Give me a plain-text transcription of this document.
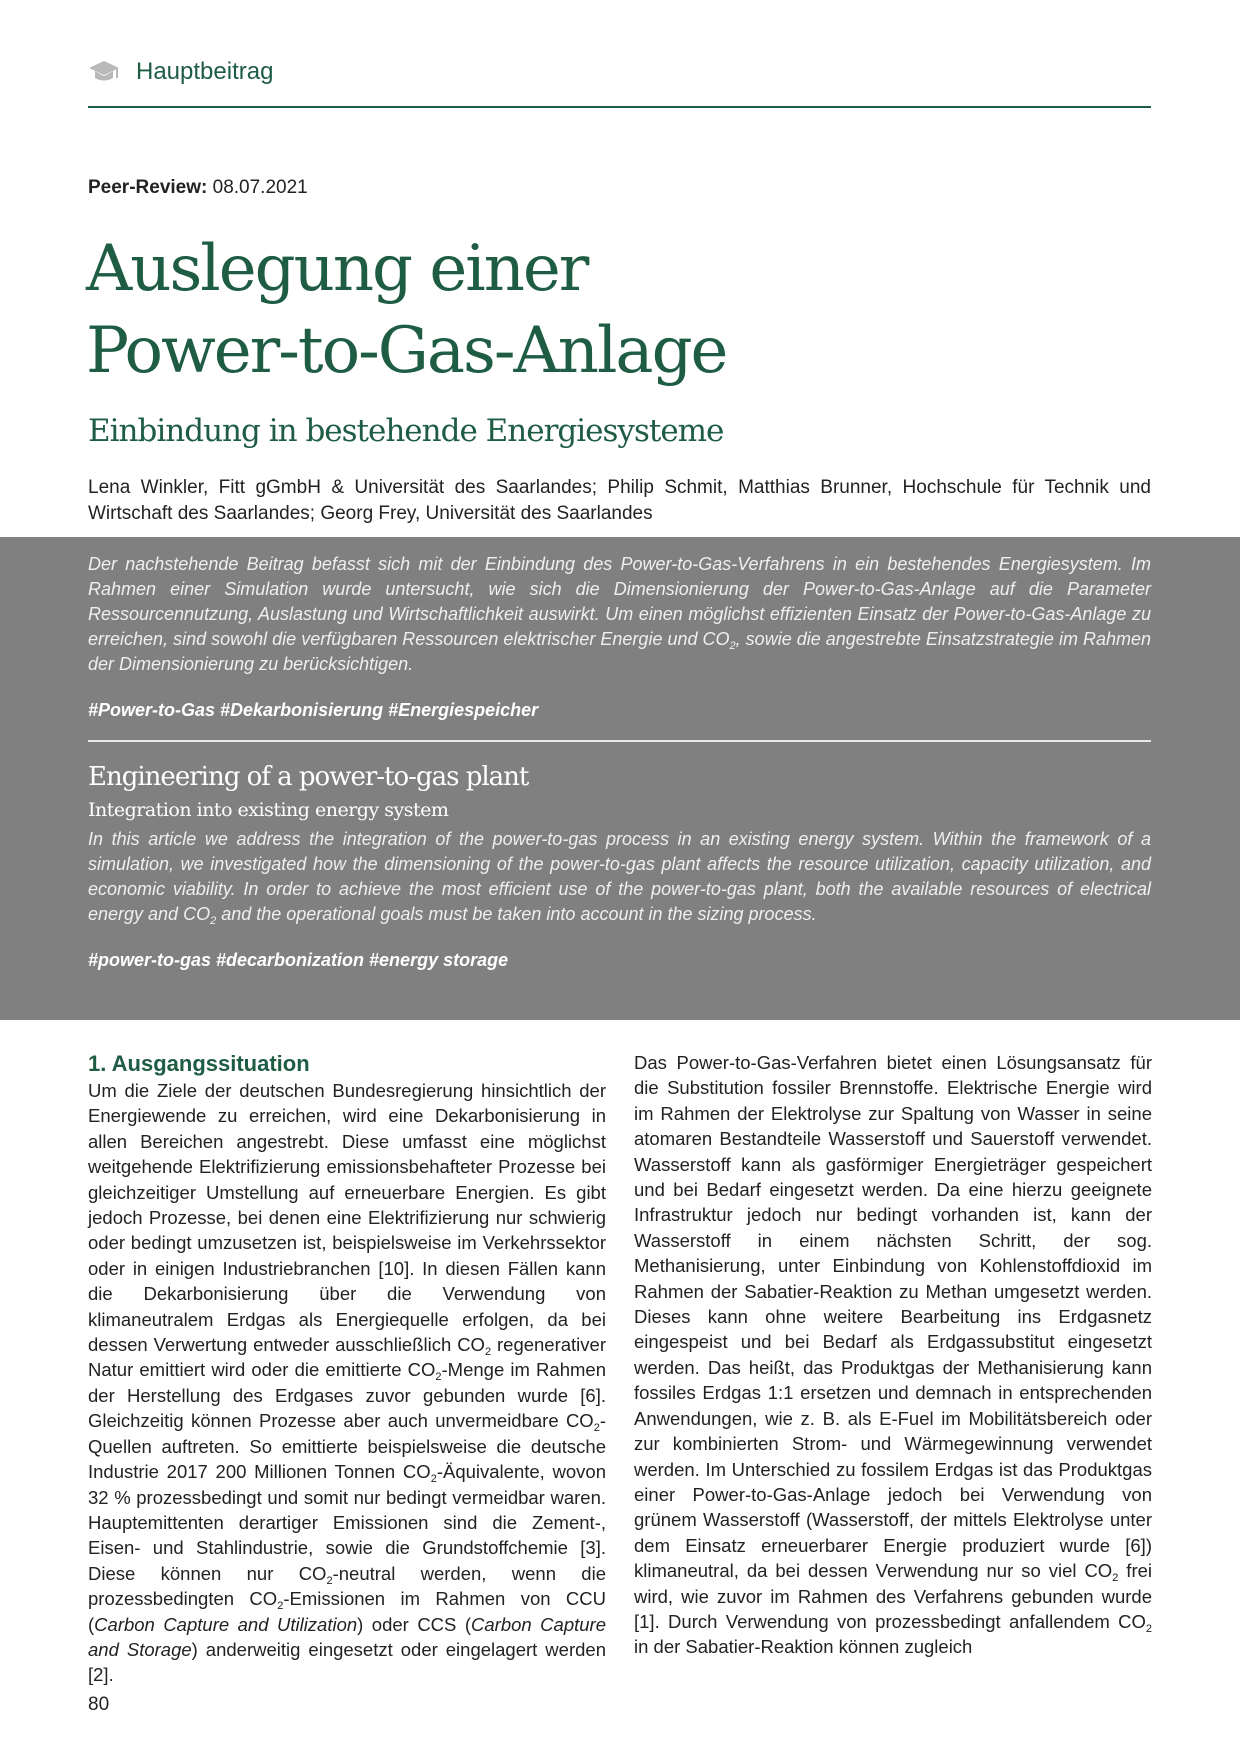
Hauptbeitrag
Peer-Review: 08.07.2021
Auslegung einer
Power-to-Gas-Anlage
Einbindung in bestehende Energiesysteme
Lena Winkler, Fitt gGmbH & Universität des Saarlandes; Philip Schmit, Matthias Brunner, Hochschule für Technik und Wirtschaft des Saarlandes; Georg Frey, Universität des Saarlandes
Der nachstehende Beitrag befasst sich mit der Einbindung des Power-to-Gas-Verfahrens in ein bestehendes Energiesystem. Im Rahmen einer Simulation wurde untersucht, wie sich die Dimensionierung der Power-to-Gas-Anlage auf die Parameter Ressourcennutzung, Auslastung und Wirtschaftlichkeit auswirkt. Um einen möglichst effizienten Einsatz der Power-to-Gas-Anlage zu erreichen, sind sowohl die verfügbaren Ressourcen elektrischer Energie und $CO_2$, sowie die angestrebte Einsatzstrategie im Rahmen der Dimensionierung zu berücksichtigen.
#Power-to-Gas #Dekarbonisierung #Energiespeicher
Engineering of a power-to-gas plant
Integration into existing energy system
In this article we address the integration of the power-to-gas process in an existing energy system. Within the framework of a simulation, we investigated how the dimensioning of the power-to-gas plant affects the resource utilization, capacity utilization, and economic viability. In order to achieve the most efficient use of the power-to-gas plant, both the available resources of electrical energy and $CO_2$ and the operational goals must be taken into account in the sizing process.
#power-to-gas #decarbonization #energy storage
1. Ausgangssituation

Um die Ziele der deutschen Bundesregierung hinsichtlich der Energiewende zu erreichen, wird eine Dekarbonisierung in allen Bereichen angestrebt. Diese umfasst eine möglichst weitgehende Elektrifizierung emissionsbehafteter Prozesse bei gleichzeitiger Umstellung auf erneuerbare Energien. Es gibt jedoch Prozesse, bei denen eine Elektrifizierung nur schwierig oder bedingt umzusetzen ist, beispielsweise im Verkehrssektor oder in einigen Industriebranchen [10]. In diesen Fällen kann die Dekarbonisierung über die Verwendung von klimaneutralem Erdgas als Energiequelle erfolgen, da bei dessen Verwertung entweder ausschließlich $CO_2$ regenerativer Natur emittiert wird oder die emittierte $CO_2$-Menge im Rahmen der Herstellung des Erdgases zuvor gebunden wurde [6]. Gleichzeitig können Prozesse aber auch unvermeidbare $CO_2$-Quellen auftreten. So emittierte beispielsweise die deutsche Industrie 2017 200 Millionen Tonnen $CO_2$-Äquivalente, wovon 32 % prozessbedingt und somit nur bedingt vermeidbar waren. Hauptemittenten derartiger Emissionen sind die Zement-, Eisen- und Stahlindustrie, sowie die Grundstoffchemie [3]. Diese können nur $CO_2$-neutral werden, wenn die prozessbedingten $CO_2$-Emissionen im Rahmen von CCU (Carbon Capture and Utilization) oder CCS (Carbon Capture and Storage) anderweitig eingesetzt oder eingelagert werden [2].

Das Power-to-Gas-Verfahren bietet einen Lösungsansatz für die Substitution fossiler Brennstoffe. Elektrische Energie wird im Rahmen der Elektrolyse zur Spaltung von Wasser in seine atomaren Bestandteile Wasserstoff und Sauerstoff verwendet. Wasserstoff kann als gasförmiger Energieträger gespeichert und bei Bedarf eingesetzt werden. Da eine hierzu geeignete Infrastruktur jedoch nur bedingt vorhanden ist, kann der Wasserstoff in einem nächsten Schritt, der sog. Methanisierung, unter Einbindung von Kohlenstoffdioxid im Rahmen der Sabatier-Reaktion zu Methan umgesetzt werden. Dieses kann ohne weitere Bearbeitung ins Erdgasnetz eingespeist und bei Bedarf als Erdgassubstitut eingesetzt werden. Das heißt, das Produktgas der Methanisierung kann fossiles Erdgas 1:1 ersetzen und demnach in entsprechenden Anwendungen, wie z. B. als E-Fuel im Mobilitätsbereich oder zur kombinierten Strom- und Wärmegewinnung verwendet werden. Im Unterschied zu fossilem Erdgas ist das Produktgas einer Power-to-Gas-Anlage jedoch bei Verwendung von grünem Wasserstoff (Wasserstoff, der mittels Elektrolyse unter dem Einsatz erneuerbarer Energie produziert wurde [6]) klimaneutral, da bei dessen Verwendung nur so viel $CO_2$ frei wird, wie zuvor im Rahmen des Verfahrens gebunden wurde [1]. Durch Verwendung von prozessbedingt anfallendem $CO_2$ in der Sabatier-Reaktion können zugleich

80
